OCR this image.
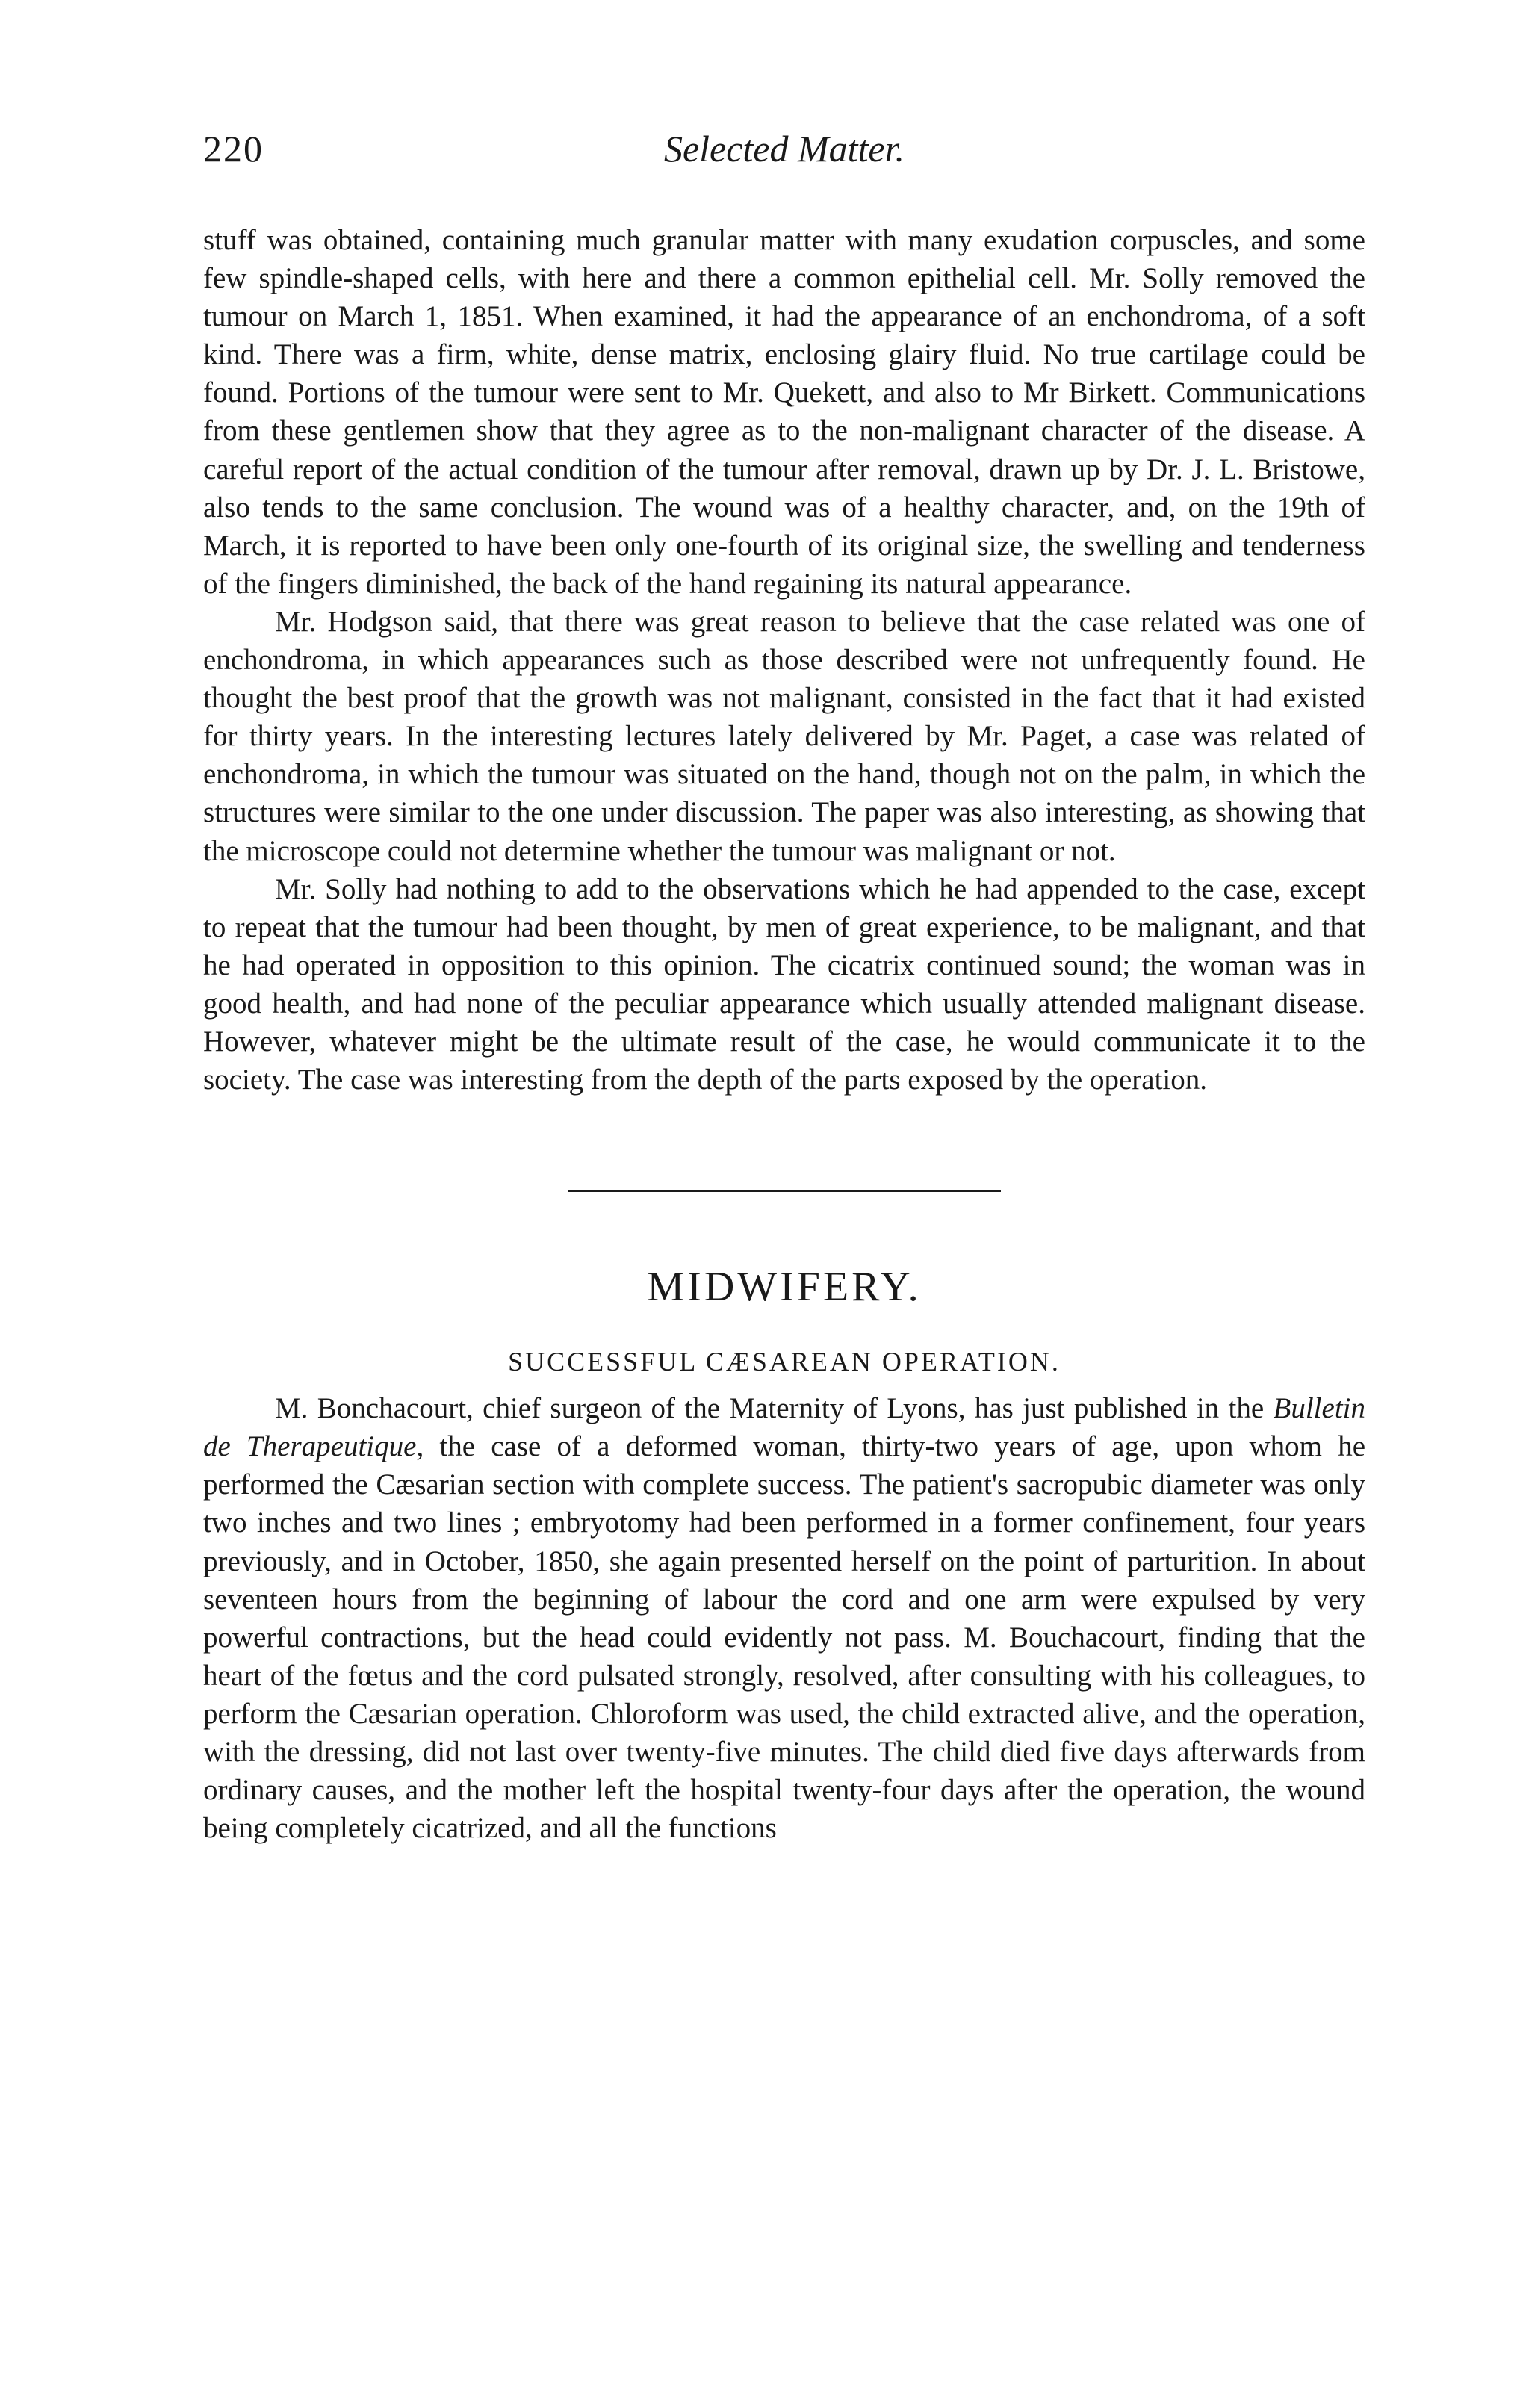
220	Selected Matter.

stuff was obtained, containing much granular matter with many exudation corpuscles, and some few spindle-shaped cells, with here and there a common epithelial cell. Mr. Solly removed the tumour on March 1, 1851. When examined, it had the appearance of an enchondroma, of a soft kind. There was a firm, white, dense matrix, enclosing glairy fluid. No true cartilage could be found. Portions of the tumour were sent to Mr. Quekett, and also to Mr Birkett. Communications from these gentlemen show that they agree as to the non-malignant character of the disease. A careful report of the actual condition of the tumour after removal, drawn up by Dr. J. L. Bristowe, also tends to the same conclusion. The wound was of a healthy character, and, on the 19th of March, it is reported to have been only one-fourth of its original size, the swelling and tenderness of the fingers diminished, the back of the hand regaining its natural appearance.

Mr. Hodgson said, that there was great reason to believe that the case related was one of enchondroma, in which appearances such as those described were not unfrequently found. He thought the best proof that the growth was not malignant, consisted in the fact that it had existed for thirty years. In the interesting lectures lately delivered by Mr. Paget, a case was related of enchondroma, in which the tumour was situated on the hand, though not on the palm, in which the structures were similar to the one under discussion. The paper was also interesting, as showing that the microscope could not determine whether the tumour was malignant or not.

Mr. Solly had nothing to add to the observations which he had appended to the case, except to repeat that the tumour had been thought, by men of great experience, to be malignant, and that he had operated in opposition to this opinion. The cicatrix continued sound; the woman was in good health, and had none of the peculiar appearance which usually attended malignant disease. However, whatever might be the ultimate result of the case, he would communicate it to the society. The case was interesting from the depth of the parts exposed by the operation.

MIDWIFERY.
SUCCESSFUL CÆSAREAN OPERATION.

M. Bonchacourt, chief surgeon of the Maternity of Lyons, has just published in the Bulletin de Therapeutique, the case of a deformed woman, thirty-two years of age, upon whom he performed the Cæsarian section with complete success. The patient's sacropubic diameter was only two inches and two lines ; embryotomy had been performed in a former confinement, four years previously, and in October, 1850, she again presented herself on the point of parturition. In about seventeen hours from the beginning of labour the cord and one arm were expulsed by very powerful contractions, but the head could evidently not pass. M. Bouchacourt, finding that the heart of the fœtus and the cord pulsated strongly, resolved, after consulting with his colleagues, to perform the Cæsarian operation. Chloroform was used, the child extracted alive, and the operation, with the dressing, did not last over twenty-five minutes. The child died five days afterwards from ordinary causes, and the mother left the hospital twenty-four days after the operation, the wound being completely cicatrized, and all the functions
